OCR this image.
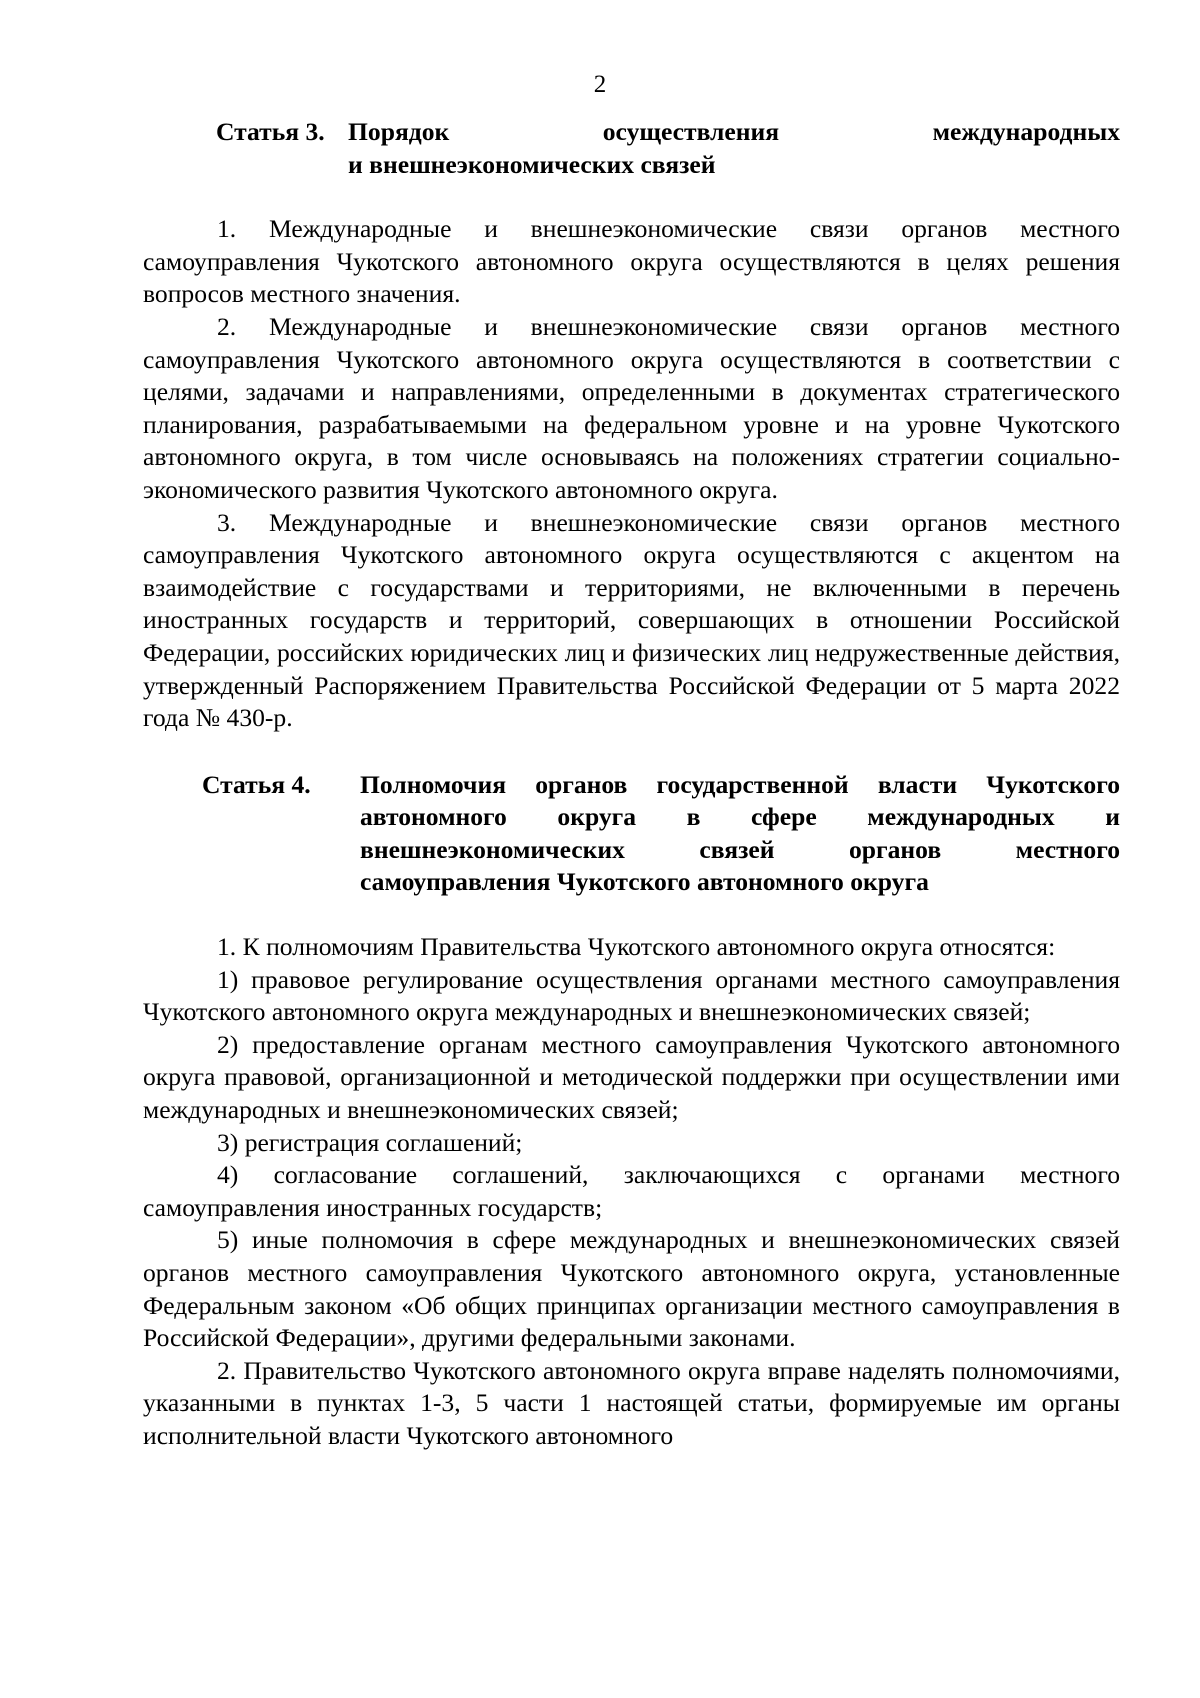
2
Статья 3. Порядок осуществления международных
и внешнеэкономических связей

1. Международные и внешнеэкономические связи органов местного самоуправления Чукотского автономного округа осуществляются в целях решения вопросов местного значения.

2. Международные и внешнеэкономические связи органов местного самоуправления Чукотского автономного округа осуществляются в соответствии с целями, задачами и направлениями, определенными в документах стратегического планирования, разрабатываемыми на федеральном уровне и на уровне Чукотского автономного округа, в том числе основываясь на положениях стратегии социально-экономического развития Чукотского автономного округа.

3. Международные и внешнеэкономические связи органов местного самоуправления Чукотского автономного округа осуществляются с акцентом на взаимодействие с государствами и территориями, не включенными в перечень иностранных государств и территорий, совершающих в отношении Российской Федерации, российских юридических лиц и физических лиц недружественные действия, утвержденный Распоряжением Правительства Российской Федерации от 5 марта 2022 года № 430-р.

Статья 4.	Полномочия органов государственной власти Чукотского
автономного округа в сфере международных и
внешнеэкономических связей органов местного
самоуправления Чукотского автономного округа

1. К полномочиям Правительства Чукотского автономного округа относятся:

1) правовое регулирование осуществления органами местного самоуправления Чукотского автономного округа международных и внешнеэкономических связей;

2) предоставление органам местного самоуправления Чукотского автономного округа правовой, организационной и методической поддержки при осуществлении ими международных и внешнеэкономических связей;

3) регистрация соглашений;

4) согласование соглашений, заключающихся с органами местного самоуправления иностранных государств;

5) иные полномочия в сфере международных и внешнеэкономических связей органов местного самоуправления Чукотского автономного округа, установленные Федеральным законом «Об общих принципах организации местного самоуправления в Российской Федерации», другими федеральными законами.

2. Правительство Чукотского автономного округа вправе наделять полномочиями, указанными в пунктах 1-3, 5 части 1 настоящей статьи, формируемые им органы исполнительной власти Чукотского автономного
